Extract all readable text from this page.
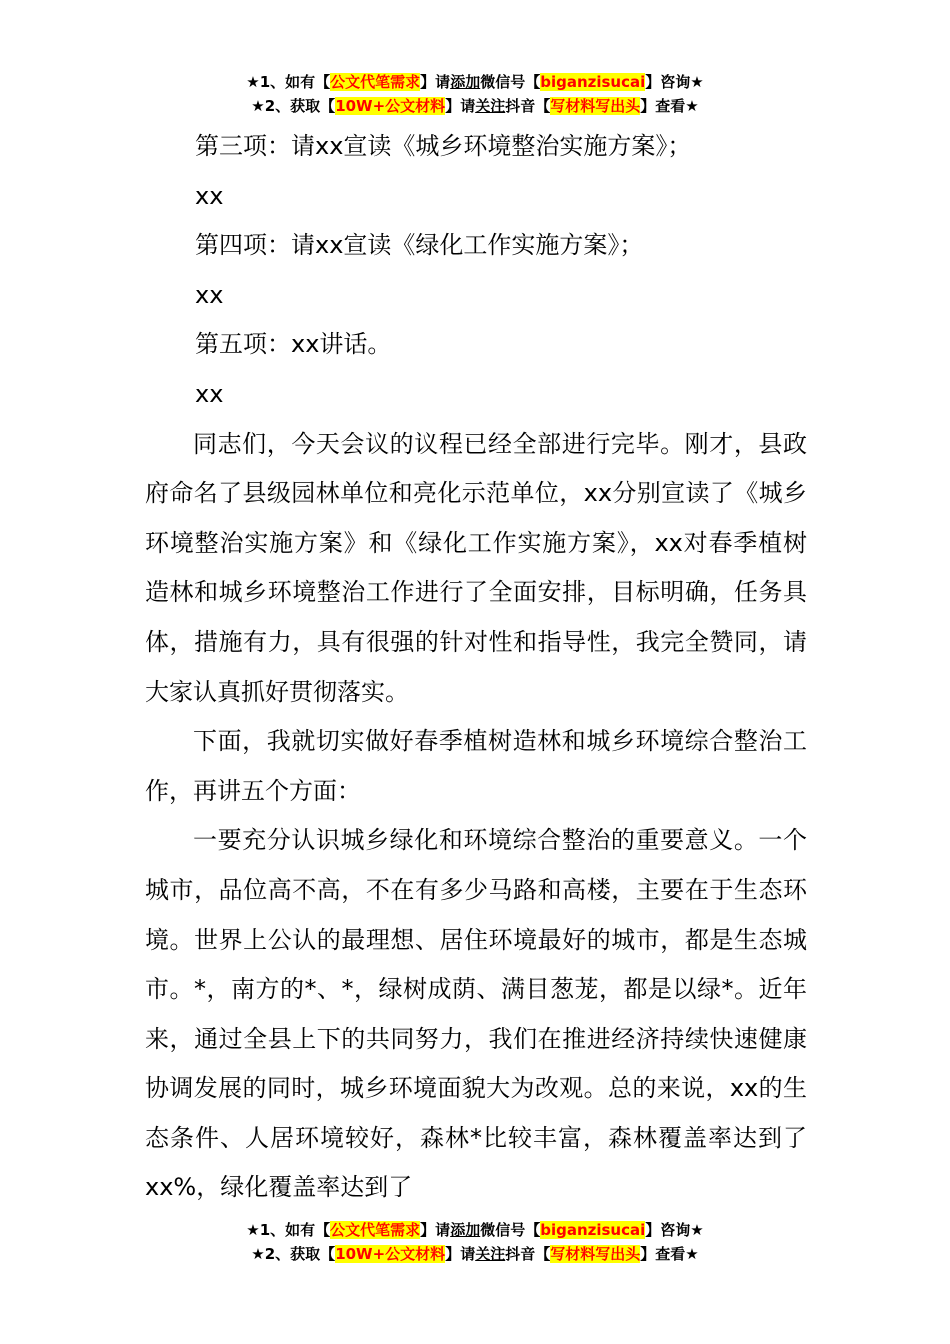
★1、如有【公文代笔需求】请添加微信号【biganzisucai】咨询★
★2、获取【10W+公文材料】请关注抖音【写材料写出头】查看★

第三项：请xx宣读《城乡环境整治实施方案》；

xx

第四项：请xx宣读《绿化工作实施方案》；

xx

第五项：xx讲话。

xx

同志们，今天会议的议程已经全部进行完毕。刚才，县政府命名了县级园林单位和亮化示范单位，xx分别宣读了《城乡环境整治实施方案》和《绿化工作实施方案》，xx对春季植树造林和城乡环境整治工作进行了全面安排，目标明确，任务具体，措施有力，具有很强的针对性和指导性，我完全赞同，请大家认真抓好贯彻落实。

下面，我就切实做好春季植树造林和城乡环境综合整治工作，再讲五个方面：

一要充分认识城乡绿化和环境综合整治的重要意义。一个城市，品位高不高，不在有多少马路和高楼，主要在于生态环境。世界上公认的最理想、居住环境最好的城市，都是生态城市。*，南方的*、*，绿树成荫、满目葱茏，都是以绿*。近年来，通过全县上下的共同努力，我们在推进经济持续快速健康协调发展的同时，城乡环境面貌大为改观。总的来说，xx的生态条件、人居环境较好，森林*比较丰富，森林覆盖率达到了xx%，绿化覆盖率达到了

★1、如有【公文代笔需求】请添加微信号【biganzisucai】咨询★
★2、获取【10W+公文材料】请关注抖音【写材料写出头】查看★
